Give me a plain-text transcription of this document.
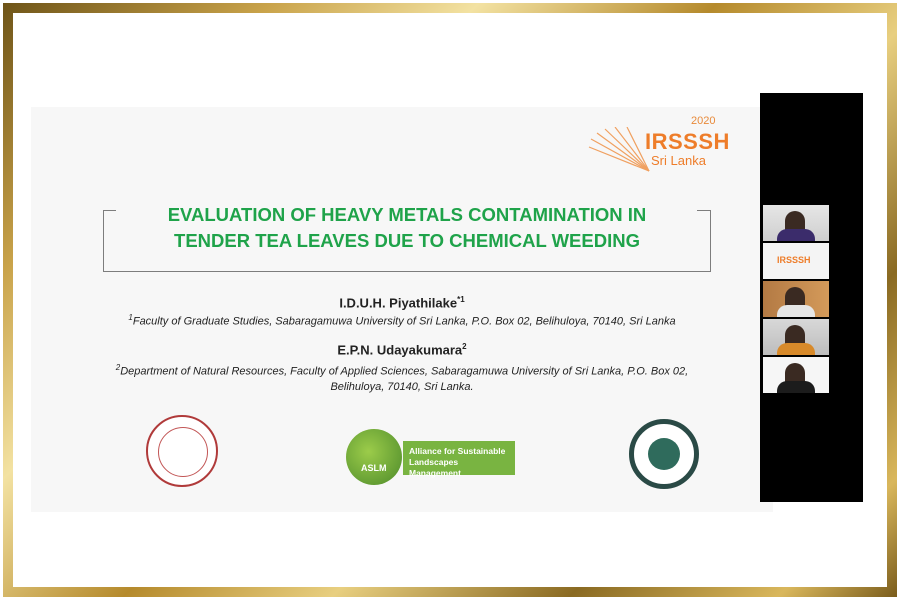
2020
IRSSSH
Sri Lanka
EVALUATION OF HEAVY METALS CONTAMINATION IN
TENDER TEA LEAVES DUE TO CHEMICAL WEEDING
I.D.U.H. Piyathilake$^{*1}$
$^1$Faculty of Graduate Studies, Sabaragamuwa University of Sri Lanka, P.O. Box 02, Belihuloya, 70140, Sri Lanka
E.P.N. Udayakumara$^2$
$^2$Department of Natural Resources, Faculty of Applied Sciences, Sabaragamuwa University of Sri Lanka, P.O. Box 02,
Belihuloya, 70140, Sri Lanka.
ASLM
Alliance for Sustainable
Landscapes Management
IRSSSH
